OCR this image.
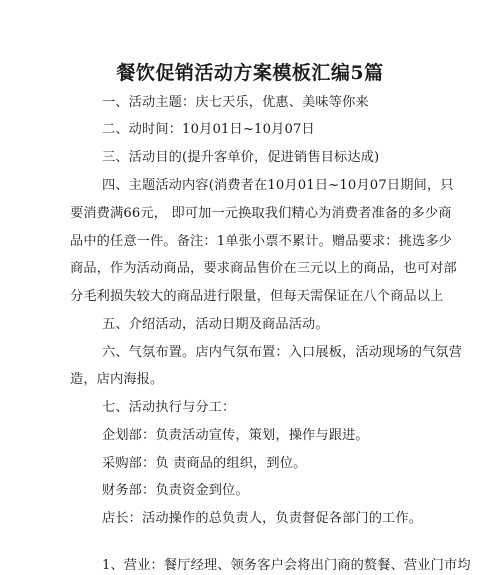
餐饮促销活动方案模板汇编5篇
一、活动主题：庆七天乐，优惠、美味等你来
二、动时间：10月01日~10月07日
三、活动目的(提升客单价，促进销售目标达成)
四、主题活动内容(消费者在10月01日~10月07日期间，只
要消费满66元， 即可加一元换取我们精心为消费者准备的多少商
品中的任意一件。备注：1单张小票不累计。赠品要求：挑选多少
商品，作为活动商品，要求商品售价在三元以上的商品，也可对部
分毛利损失较大的商品进行限量，但每天需保证在八个商品以上
五、介绍活动，活动日期及商品活动。
六、气氛布置。店内气氛布置：入口展板，活动现场的气氛营
造，店内海报。
七、活动执行与分工：
企划部：负责活动宣传，策划，操作与跟进。
采购部：负 责商品的组织，到位。
财务部：负责资金到位。
店长：活动操作的总负责人，负责督促各部门的工作。
1、营业：餐厅经理、领务客户会将出门商的赘餐、营业门市均
